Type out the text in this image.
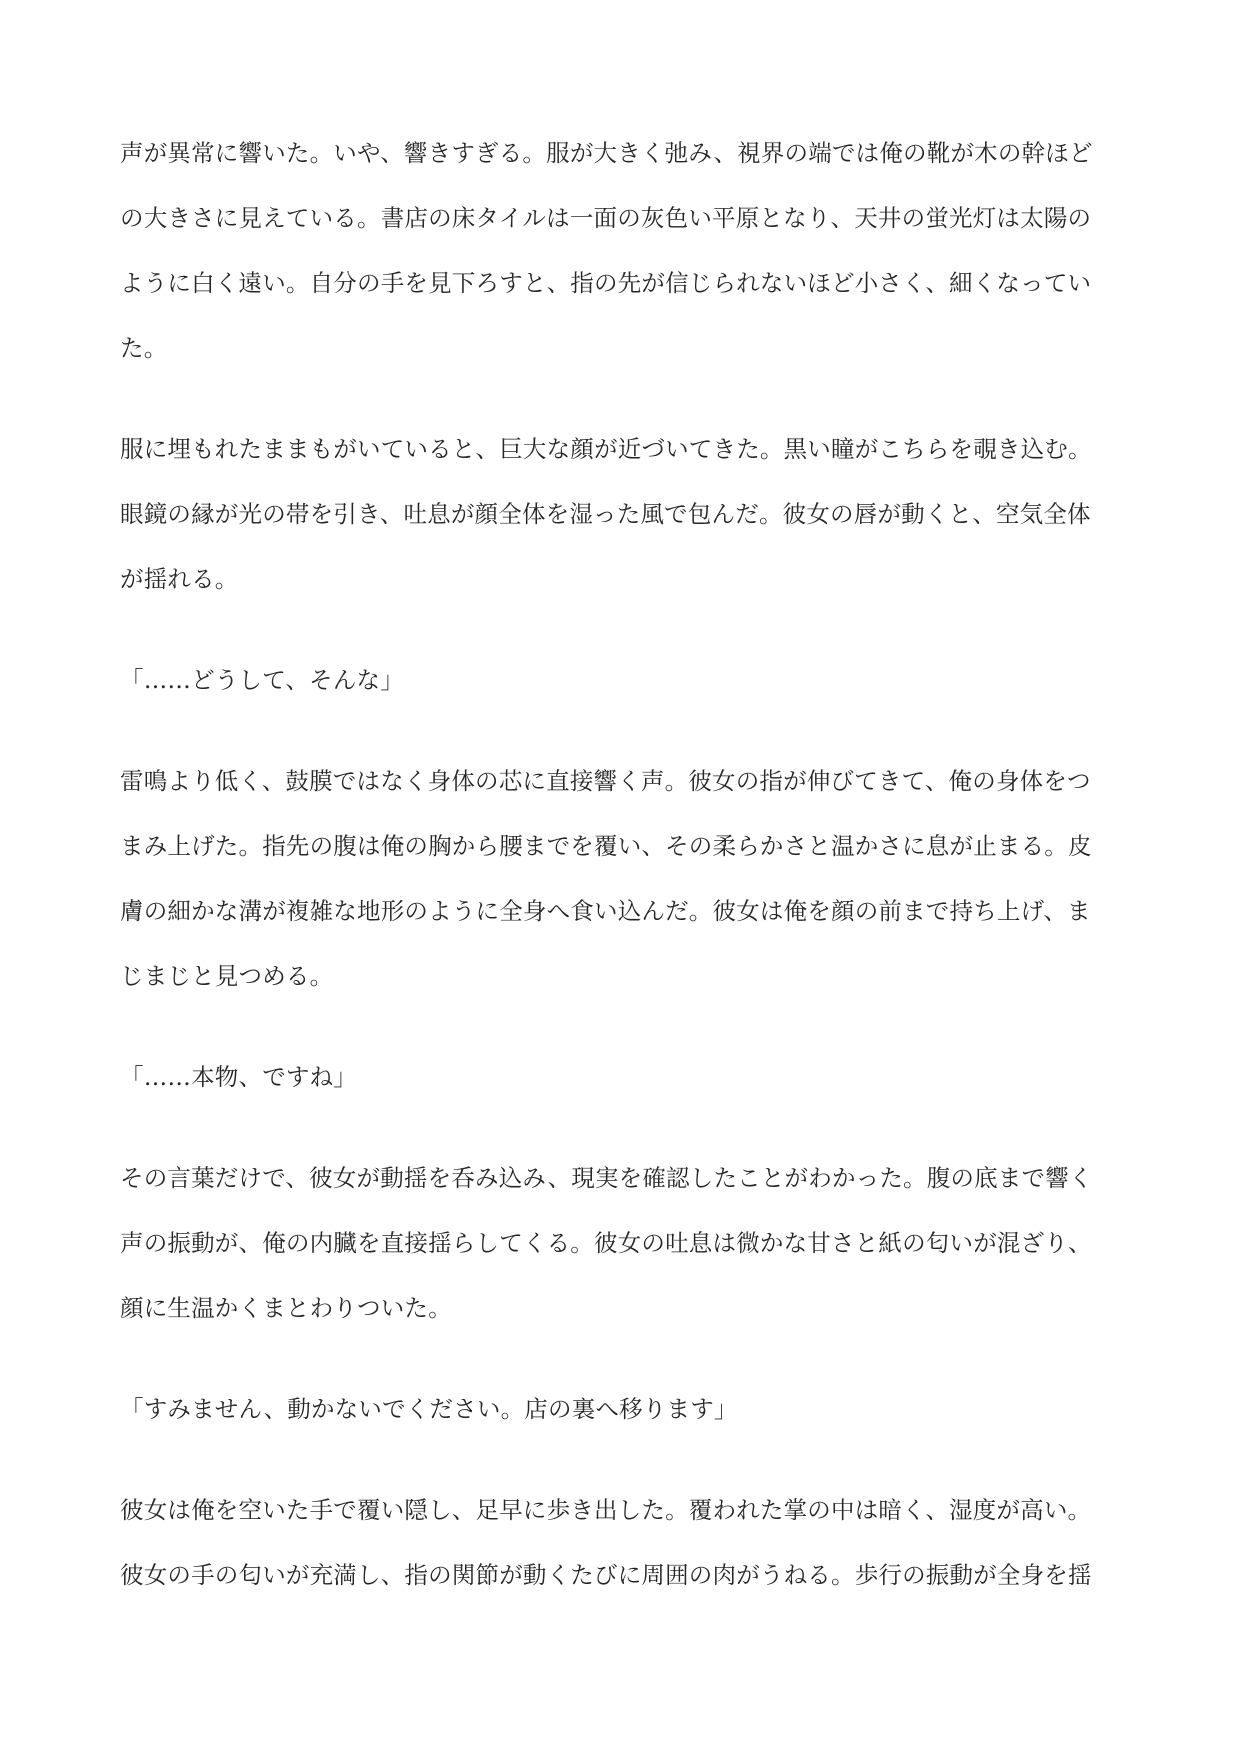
声が異常に響いた。いや、響きすぎる。服が大きく弛み、視界の端では俺の靴が木の幹ほど
の大きさに見えている。書店の床タイルは一面の灰色い平原となり、天井の蛍光灯は太陽の
ように白く遠い。自分の手を見下ろすと、指の先が信じられないほど小さく、細くなってい
た。

服に埋もれたままもがいていると、巨大な顔が近づいてきた。黒い瞳がこちらを覗き込む。
眼鏡の縁が光の帯を引き、吐息が顔全体を湿った風で包んだ。彼女の唇が動くと、空気全体
が揺れる。

「……どうして、そんな」

雷鳴より低く、鼓膜ではなく身体の芯に直接響く声。彼女の指が伸びてきて、俺の身体をつ
まみ上げた。指先の腹は俺の胸から腰までを覆い、その柔らかさと温かさに息が止まる。皮
膚の細かな溝が複雑な地形のように全身へ食い込んだ。彼女は俺を顔の前まで持ち上げ、ま
じまじと見つめる。

「……本物、ですね」

その言葉だけで、彼女が動揺を呑み込み、現実を確認したことがわかった。腹の底まで響く
声の振動が、俺の内臓を直接揺らしてくる。彼女の吐息は微かな甘さと紙の匂いが混ざり、
顔に生温かくまとわりついた。

「すみません、動かないでください。店の裏へ移ります」

彼女は俺を空いた手で覆い隠し、足早に歩き出した。覆われた掌の中は暗く、湿度が高い。
彼女の手の匂いが充満し、指の関節が動くたびに周囲の肉がうねる。歩行の振動が全身を揺
